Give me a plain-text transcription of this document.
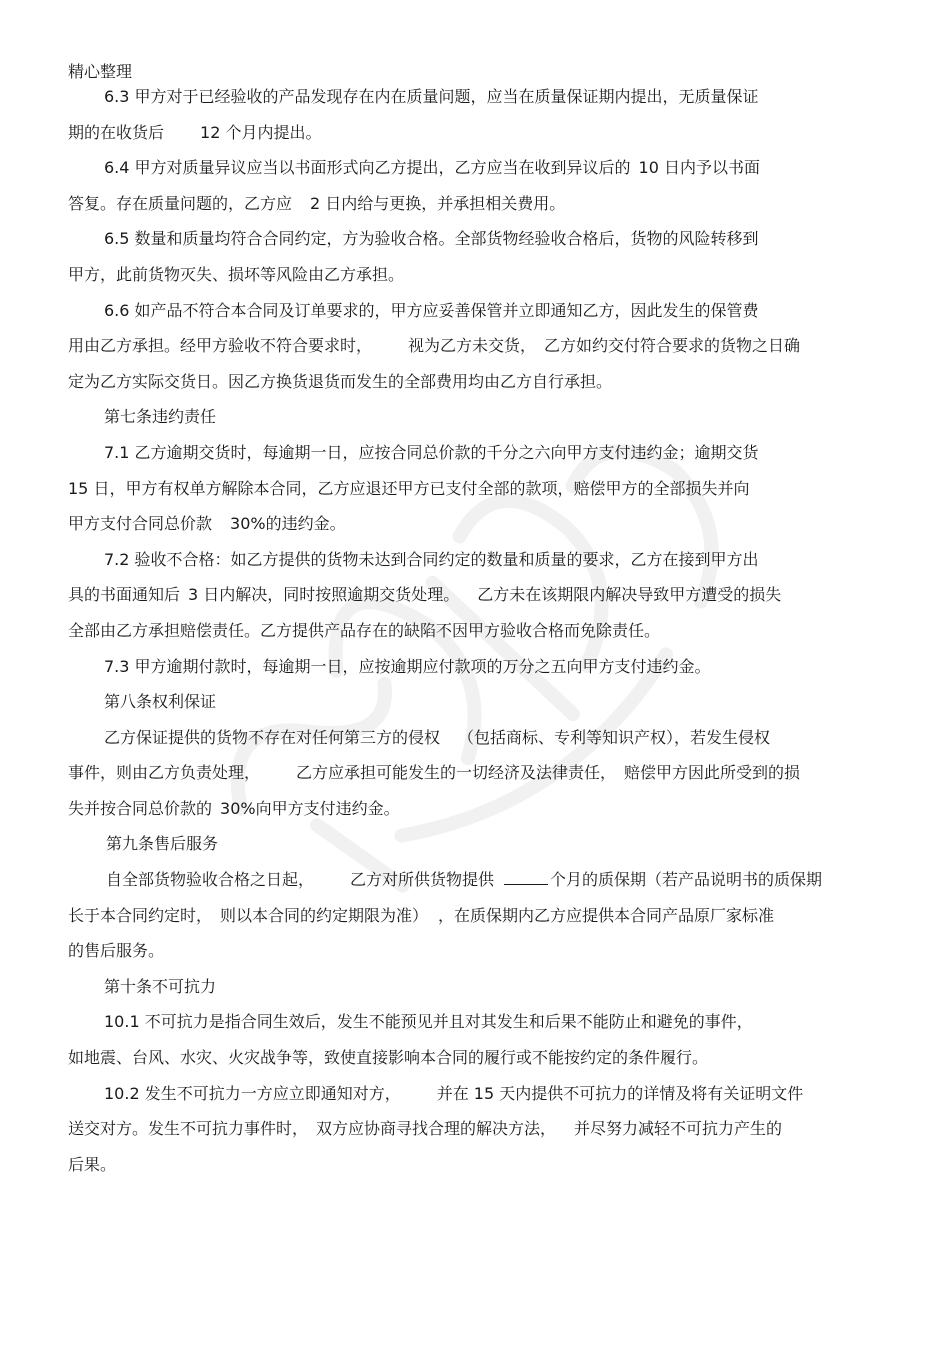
精心整理
6.3 甲方对于已经验收的产品发现存在内在质量问题，应当在质量保证期内提出，无质量保证
期的在收货后 12 个月内提出。
6.4 甲方对质量异议应当以书面形式向乙方提出，乙方应当在收到异议后的 10 日内予以书面
答复。存在质量问题的，乙方应 2 日内给与更换，并承担相关费用。
6.5 数量和质量均符合合同约定，方为验收合格。全部货物经验收合格后，货物的风险转移到
甲方，此前货物灭失、损坏等风险由乙方承担。
6.6 如产品不符合本合同及订单要求的，甲方应妥善保管并立即通知乙方，因此发生的保管费
用由乙方承担。经甲方验收不符合要求时， 视为乙方未交货， 乙方如约交付符合要求的货物之日确
定为乙方实际交货日。因乙方换货退货而发生的全部费用均由乙方自行承担。
第七条违约责任
7.1 乙方逾期交货时，每逾期一日，应按合同总价款的千分之六向甲方支付违约金；逾期交货
15 日，甲方有权单方解除本合同，乙方应退还甲方已支付全部的款项，赔偿甲方的全部损失并向
甲方支付合同总价款 30%的违约金。
7.2 验收不合格：如乙方提供的货物未达到合同约定的数量和质量的要求，乙方在接到甲方出
具的书面通知后 3 日内解决，同时按照逾期交货处理。 乙方未在该期限内解决导致甲方遭受的损失
全部由乙方承担赔偿责任。乙方提供产品存在的缺陷不因甲方验收合格而免除责任。
7.3 甲方逾期付款时，每逾期一日，应按逾期应付款项的万分之五向甲方支付违约金。
第八条权利保证
乙方保证提供的货物不存在对任何第三方的侵权 （包括商标、专利等知识产权），若发生侵权
事件，则由乙方负责处理， 乙方应承担可能发生的一切经济及法律责任， 赔偿甲方因此所受到的损
失并按合同总价款的 30%向甲方支付违约金。
第九条售后服务
自全部货物验收合格之日起， 乙方对所供货物提供	个月的质保期（若产品说明书的质保期
长于本合同约定时， 则以本合同的约定期限为准） ，在质保期内乙方应提供本合同产品原厂家标准
的售后服务。
第十条不可抗力
10.1 不可抗力是指合同生效后，发生不能预见并且对其发生和后果不能防止和避免的事件，
如地震、台风、水灾、火灾战争等，致使直接影响本合同的履行或不能按约定的条件履行。
10.2 发生不可抗力一方应立即通知对方， 并在 15 天内提供不可抗力的详情及将有关证明文件
送交对方。发生不可抗力事件时， 双方应协商寻找合理的解决方法， 并尽努力减轻不可抗力产生的
后果。
